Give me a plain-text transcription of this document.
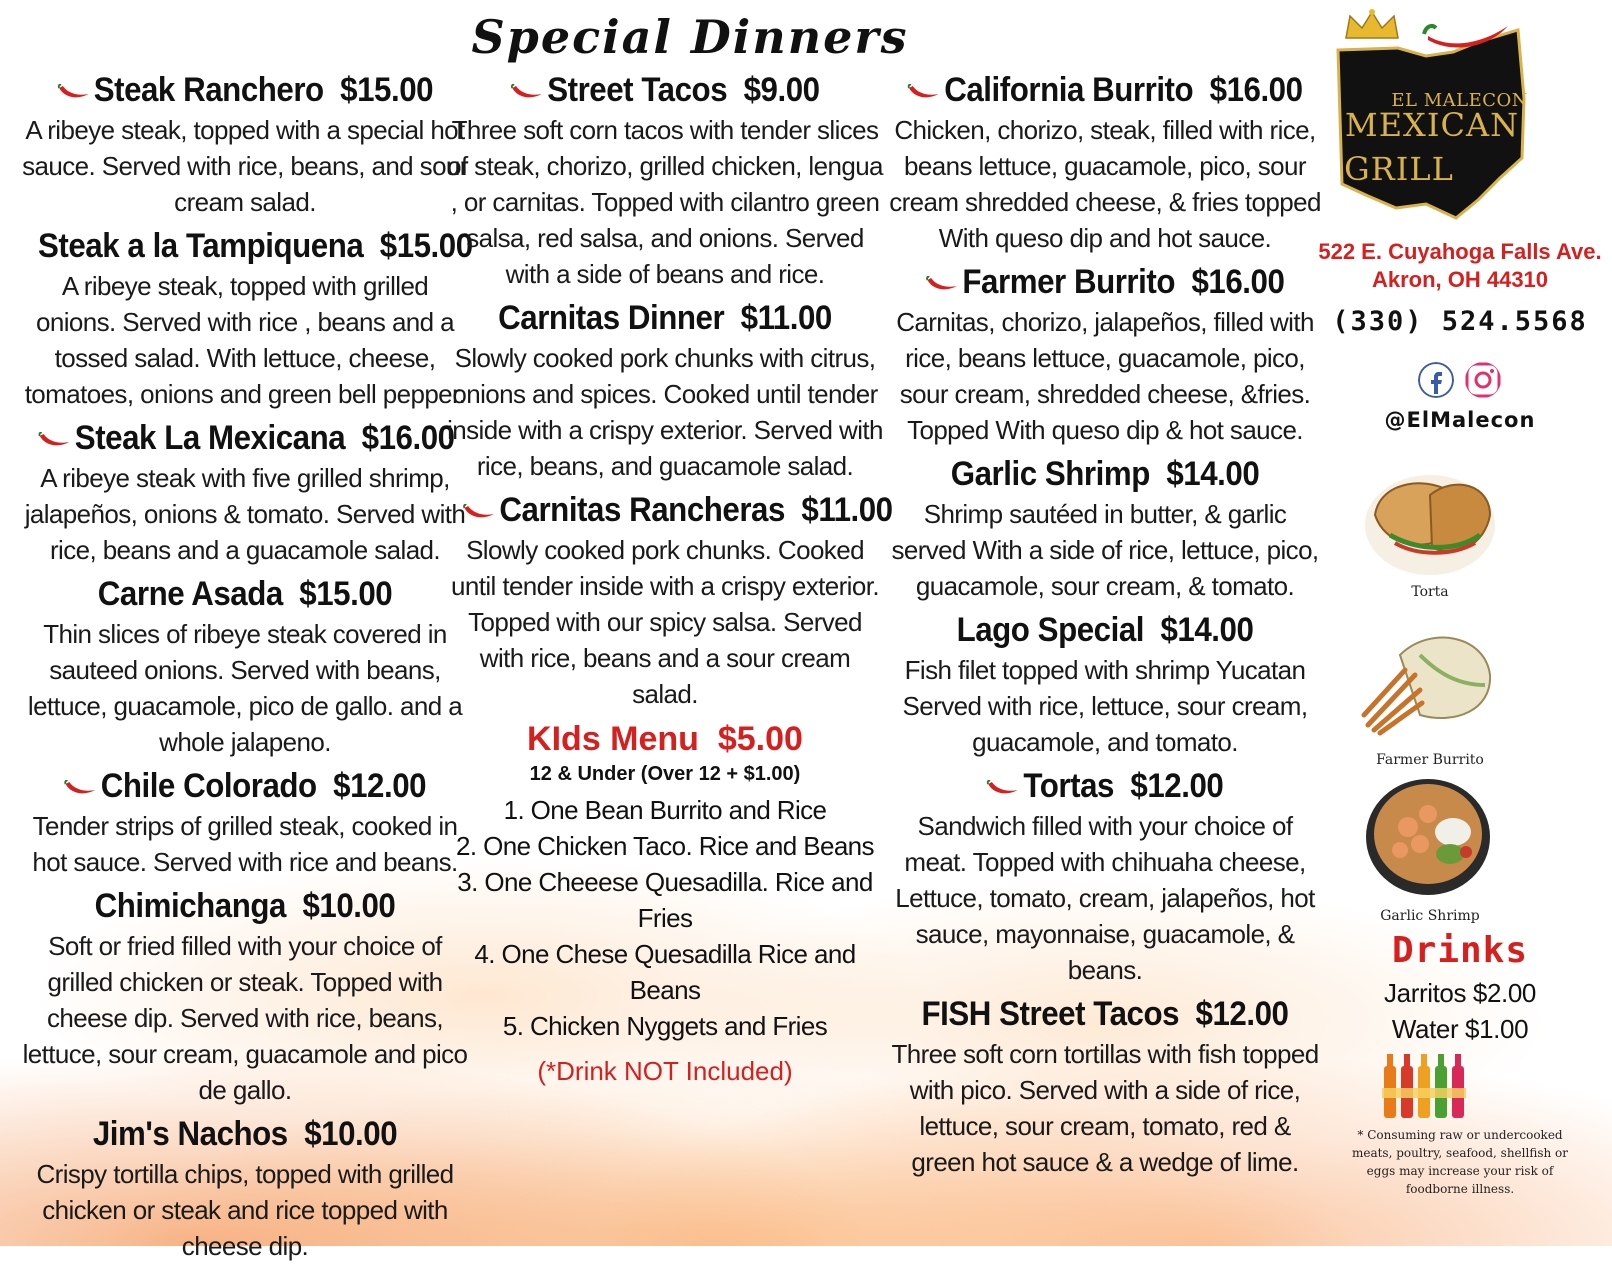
Special Dinners
Steak Ranchero $15.00
A ribeye steak, topped with a special hot sauce. Served with rice, beans, and sour cream salad.
Steak a la Tampiquena $15.00
A ribeye steak, topped with grilled onions. Served with rice , beans and a tossed salad. With lettuce, cheese, tomatoes, onions and green bell pepper.
Steak La Mexicana $16.00
A ribeye steak with five grilled shrimp, jalapeños, onions & tomato. Served with rice, beans and a guacamole salad.
Carne Asada $15.00
Thin slices of ribeye steak covered in sauteed onions. Served with beans, lettuce, guacamole, pico de gallo. and a whole jalapeno.
Chile Colorado $12.00
Tender strips of grilled steak, cooked in hot sauce. Served with rice and beans.
Chimichanga $10.00
Soft or fried filled with your choice of grilled chicken or steak. Topped with cheese dip. Served with rice, beans, lettuce, sour cream, guacamole and pico de gallo.
Jim's Nachos $10.00
Crispy tortilla chips, topped with grilled chicken or steak and rice topped with cheese dip.
Street Tacos $9.00
Three soft corn tacos with tender slices of steak, chorizo, grilled chicken, lengua , or carnitas. Topped with cilantro green salsa, red salsa, and onions. Served with a side of beans and rice.
Carnitas Dinner $11.00
Slowly cooked pork chunks with citrus, onions and spices. Cooked until tender inside with a crispy exterior. Served with rice, beans, and guacamole salad.
Carnitas Rancheras $11.00
Slowly cooked pork chunks. Cooked until tender inside with a crispy exterior. Topped with our spicy salsa. Served with rice, beans and a sour cream salad.
KIds Menu $5.00
12 & Under (Over 12 + $1.00)
1. One Bean Burrito and Rice
2. One Chicken Taco. Rice and Beans
3. One Cheeese Quesadilla. Rice and Fries
4. One Chese Quesadilla Rice and Beans
5. Chicken Nyggets and Fries
(*Drink NOT Included)
California Burrito $16.00
Chicken, chorizo, steak, filled with rice, beans lettuce, guacamole, pico, sour cream shredded cheese, & fries topped With queso dip and hot sauce.
Farmer Burrito $16.00
Carnitas, chorizo, jalapeños, filled with rice, beans lettuce, guacamole, pico, sour cream, shredded cheese, &fries. Topped With queso dip & hot sauce.
Garlic Shrimp $14.00
Shrimp sautéed in butter, & garlic served With a side of rice, lettuce, pico, guacamole, sour cream, & tomato.
Lago Special $14.00
Fish filet topped with shrimp Yucatan Served with rice, lettuce, sour cream, guacamole, and tomato.
Tortas $12.00
Sandwich filled with your choice of meat. Topped with chihuaha cheese, Lettuce, tomato, cream, jalapeños, hot sauce, mayonnaise, guacamole, & beans.
FISH Street Tacos $12.00
Three soft corn tortillas with fish topped with pico. Served with a side of rice, lettuce, sour cream, tomato, red & green hot sauce & a wedge of lime.
EL MALECON
MEXICAN
GRILL
522 E. Cuyahoga Falls Ave.
Akron, OH 44310
(330) 524.5568

@ElMalecon
Torta
Farmer Burrito
Garlic Shrimp
Drinks
Jarritos $2.00
Water $1.00
* Consuming raw or undercooked meats, poultry, seafood, shellfish or eggs may increase your risk of foodborne illness.
